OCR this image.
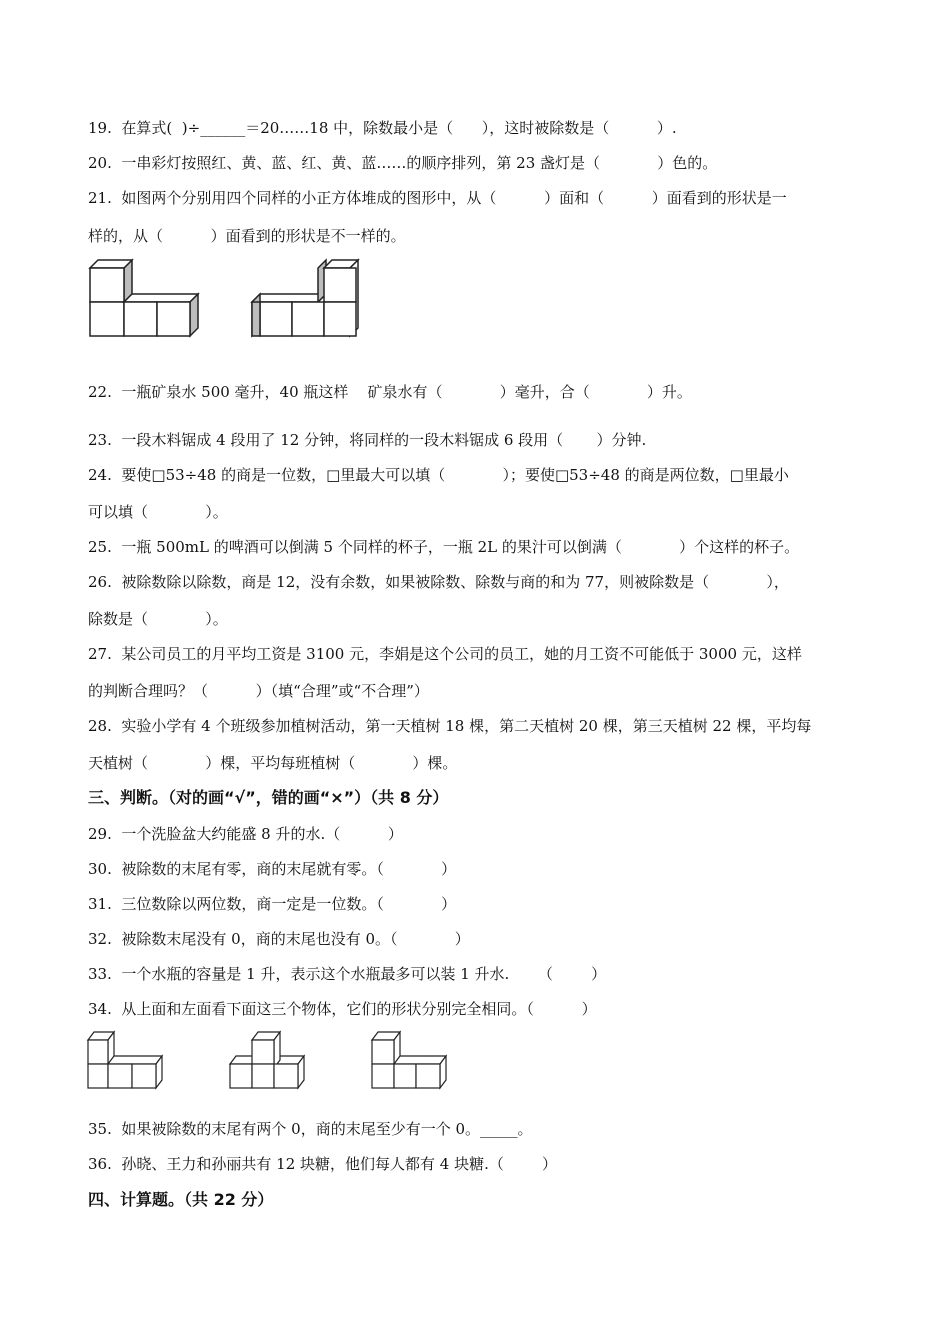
19.  在算式(  )÷______＝20……18 中，除数最小是（      ），这时被除数是（          ）.
20.  一串彩灯按照红、黄、蓝、红、黄、蓝……的顺序排列，第 23 盏灯是（            ）色的。
21.  如图两个分别用四个同样的小正方体堆成的图形中，从（          ）面和（          ）面看到的形状是一
样的，从（          ）面看到的形状是不一样的。
22.  一瓶矿泉水 500 毫升，40 瓶这样    矿泉水有（            ）毫升，合（            ）升。
23.  一段木料锯成 4 段用了 12 分钟，将同样的一段木料锯成 6 段用（       ）分钟.
24.  要使□53÷48 的商是一位数，□里最大可以填（            ）；要使□53÷48 的商是两位数，□里最小
可以填（            ）。
25.  一瓶 500mL 的啤酒可以倒满 5 个同样的杯子，一瓶 2L 的果汁可以倒满（            ）个这样的杯子。
26.  被除数除以除数，商是 12，没有余数，如果被除数、除数与商的和为 77，则被除数是（            ），
除数是（            ）。
27.  某公司员工的月平均工资是 3100 元，李娟是这个公司的员工，她的月工资不可能低于 3000 元，这样
的判断合理吗？（          ）（填“合理”或“不合理”）
28.  实验小学有 4 个班级参加植树活动，第一天植树 18 棵，第二天植树 20 棵，第三天植树 22 棵，平均每
天植树（            ）棵，平均每班植树（            ）棵。
三、判断。（对的画“√”，错的画“×”）（共 8 分）
29.  一个洗脸盆大约能盛 8 升的水.（          ）
30.  被除数的末尾有零，商的末尾就有零。（            ）
31.  三位数除以两位数，商一定是一位数。（            ）
32.  被除数末尾没有 0，商的末尾也没有 0。（            ）
33.  一个水瓶的容量是 1 升，表示这个水瓶最多可以装 1 升水.      （        ）
34.  从上面和左面看下面这三个物体，它们的形状分别完全相同。（          ）
35.  如果被除数的末尾有两个 0，商的末尾至少有一个 0。_____。
36.  孙晓、王力和孙丽共有 12 块糖，他们每人都有 4 块糖.（        ）
四、计算题。（共 22 分）
